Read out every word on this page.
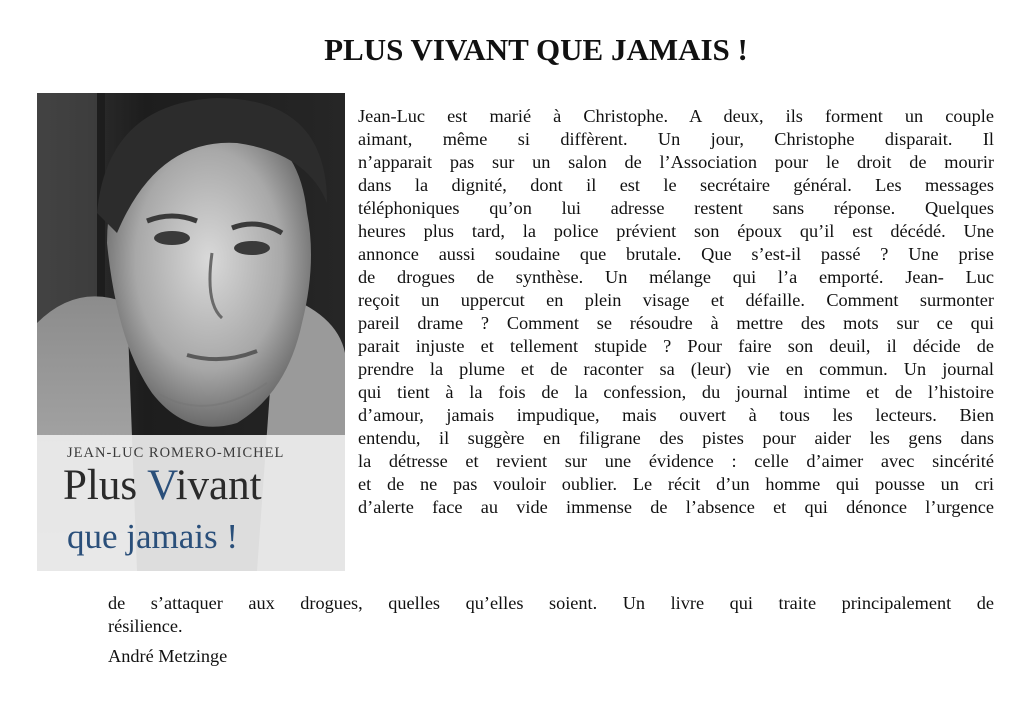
PLUS VIVANT QUE JAMAIS !
JEAN-LUC ROMERO-MICHEL
Plus Vivant
que jamais !
Jean-Luc est marié à Christophe. A deux, ils forment un couple
aimant, même si diffèrent. Un jour, Christophe disparait. Il
n’apparait pas sur un salon de l’Association pour le droit de mourir
dans la dignité, dont il est le secrétaire général. Les messages
téléphoniques qu’on lui adresse restent sans réponse. Quelques
heures plus tard, la police prévient son époux qu’il est décédé. Une
annonce aussi soudaine que brutale. Que s’est-il passé ? Une prise
de drogues de synthèse. Un mélange qui l’a emporté. Jean- Luc
reçoit un uppercut en plein visage et défaille. Comment surmonter
pareil drame ? Comment se résoudre à mettre des mots sur ce qui
parait injuste et tellement stupide ? Pour faire son deuil, il décide de
prendre la plume et de raconter sa (leur) vie en commun. Un journal
qui tient à la fois de la confession, du journal intime et de l’histoire
d’amour, jamais impudique, mais ouvert à tous les lecteurs. Bien
entendu, il suggère en filigrane des pistes pour aider les gens dans
la détresse et revient sur une évidence : celle d’aimer avec sincérité
et de ne pas vouloir oublier. Le récit d’un homme qui pousse un cri
d’alerte face au vide immense de l’absence et qui dénonce l’urgence
de s’attaquer aux drogues, quelles qu’elles soient. Un livre qui traite principalement de
résilience.
André Metzinge
